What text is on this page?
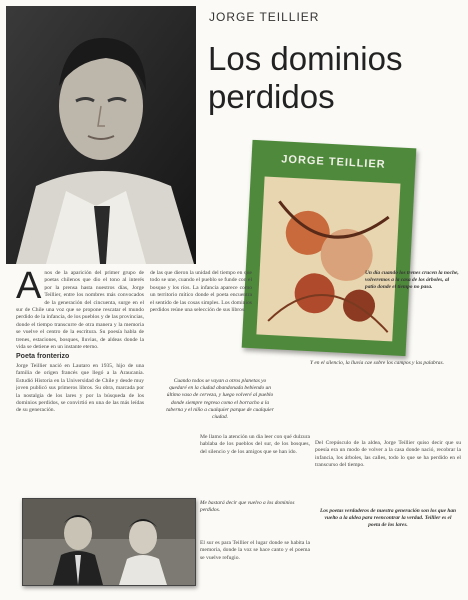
JORGE TEILLIER
Los dominios perdidos
JORGE TEILLIER
A nos de la aparición del primer grupo de poetas chilenos que dio el tono al interés por la prensa hasta nuestros días, Jorge Teillier, entre los nombres más convocados de la generación del cincuenta, surge en el sur de Chile una voz que se propone rescatar el mundo perdido de la infancia, de los pueblos y de las provincias, donde el tiempo transcurre de otra manera y la memoria se vuelve el centro de la escritura. Su poesía habla de trenes, estaciones, bosques, lluvias, de aldeas donde la vida se detiene en un instante eterno.
Poeta fronterizo
Jorge Teillier nació en Lautaro en 1935, hijo de una familia de origen francés que llegó a la Araucanía. Estudió Historia en la Universidad de Chile y desde muy joven publicó sus primeros libros. Su obra, marcada por la nostalgia de los lares y por la búsqueda de los dominios perdidos, se convirtió en una de las más leídas de su generación.
de las que dieron la unidad del tiempo en que todo se une, cuando el pueblo se funde con el bosque y los ríos. La infancia aparece como un territorio mítico donde el poeta encuentra el sentido de las cosas simples. Los dominios perdidos reúne una selección de sus libros.
Cuando todos se vayan a otros planetas yo quedaré en la ciudad abandonada bebiendo un último vaso de cerveza, y luego volveré al pueblo donde siempre regreso como el borracho a la taberna y el niño a cualquier parque de cualquier ciudad.
Me llamo la atención un dia leer con qué dulzura hablaba de los pueblos del sur, de los bosques, del silencio y de los amigos que se han ido.
Me bastará decir que vuelvo a los dominios perdidos.
El sur es para Teillier el lugar donde se habita la memoria, donde la voz se hace canto y el poema se vuelve refugio.
Un día cuando los trenes crucen la noche, volveremos a la casa de los árboles, al patio donde el tiempo no pasa.
Y en el silencio, la lluvia cae sobre los campos y las palabras.
Del Crepúsculo de la aldea, Jorge Teillier quiso decir que su poesía era un modo de volver a la casa donde nació, recobrar la infancia, los árboles, las calles, todo lo que se ha perdido en el transcurso del tiempo.
Los poetas verdaderos de nuestra generación son los que han vuelto a la aldea para reencontrar la verdad. Teillier es el poeta de los lares.
